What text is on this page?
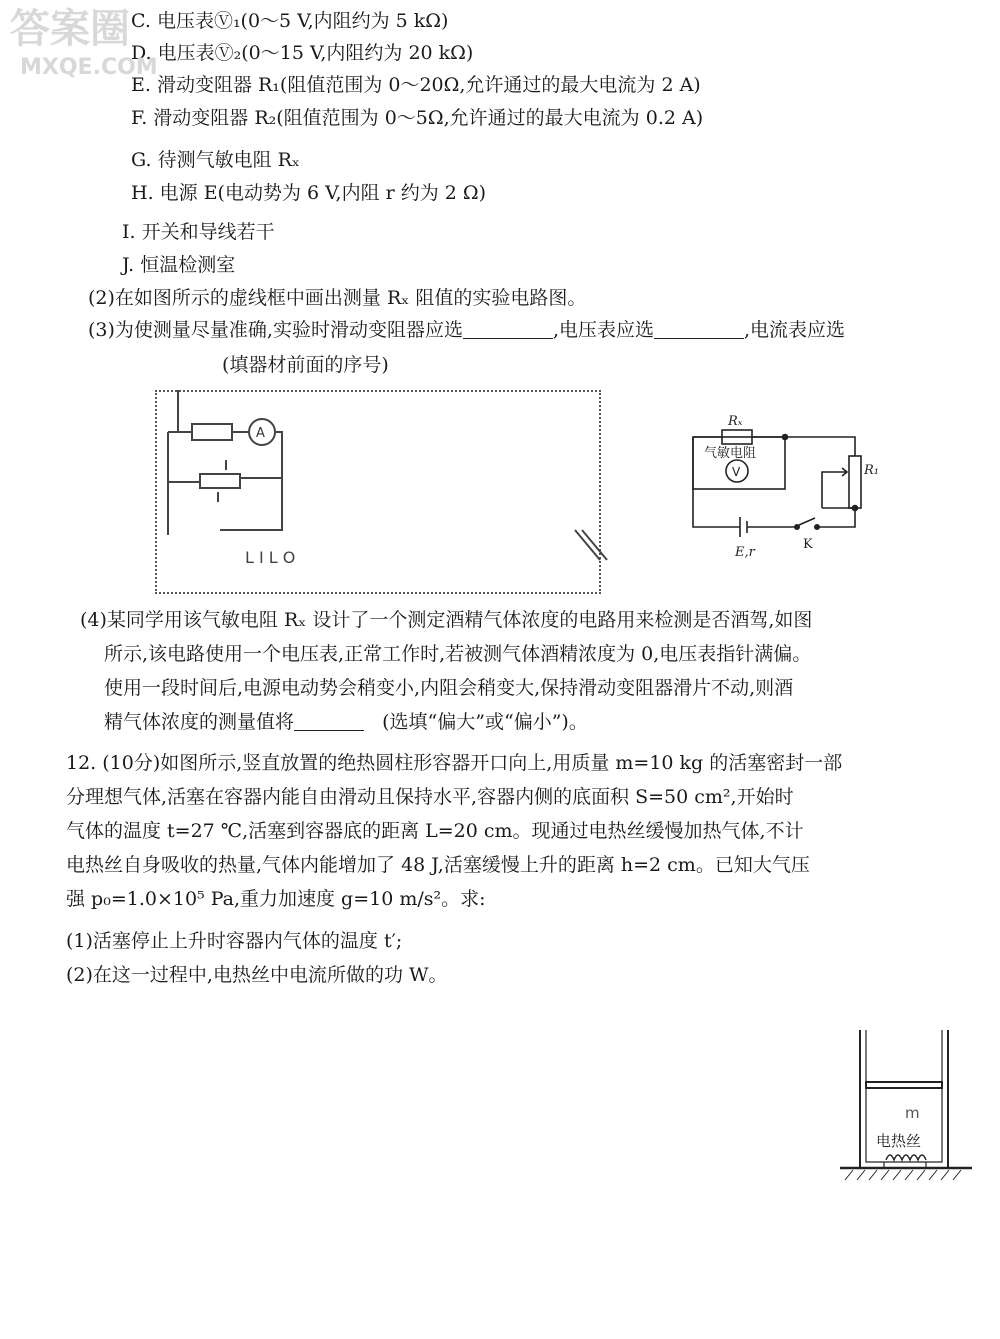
C. 电压表Ⓥ₁(0～5 V,内阻约为 5 kΩ)
D. 电压表Ⓥ₂(0～15 V,内阻约为 20 kΩ)
E. 滑动变阻器 R₁(阻值范围为 0～20Ω,允许通过的最大电流为 2 A)
F. 滑动变阻器 R₂(阻值范围为 0～5Ω,允许通过的最大电流为 0.2 A)
G. 待测气敏电阻 Rₓ
H. 电源 E(电动势为 6 V,内阻 r 约为 2 Ω)
I. 开关和导线若干
J. 恒温检测室
(2)在如图所示的虚线框中画出测量 Rₓ 阻值的实验电路图。
(3)为使测量尽量准确,实验时滑动变阻器应选	,电压表应选	,电流表应选
(填器材前面的序号)
A
L I L O
Rₓ
气敏电阻
V	R₁
E,r
K
(4)某同学用该气敏电阻 Rₓ 设计了一个测定酒精气体浓度的电路用来检测是否酒驾,如图
所示,该电路使用一个电压表,正常工作时,若被测气体酒精浓度为 0,电压表指针满偏。
使用一段时间后,电源电动势会稍变小,内阻会稍变大,保持滑动变阻器滑片不动,则酒
精气体浓度的测量值将	(选填“偏大”或“偏小”)。
12. (10分)如图所示,竖直放置的绝热圆柱形容器开口向上,用质量 m=10 kg 的活塞密封一部
分理想气体,活塞在容器内能自由滑动且保持水平,容器内侧的底面积 S=50 cm²,开始时
气体的温度 t=27 ℃,活塞到容器底的距离 L=20 cm。现通过电热丝缓慢加热气体,不计
电热丝自身吸收的热量,气体内能增加了 48 J,活塞缓慢上升的距离 h=2 cm。已知大气压
强 p₀=1.0×10⁵ Pa,重力加速度 g=10 m/s²。求:
(1)活塞停止上升时容器内气体的温度 t′;
(2)在这一过程中,电热丝中电流所做的功 W。
电热丝
m
答案圈
MXQE.COM
